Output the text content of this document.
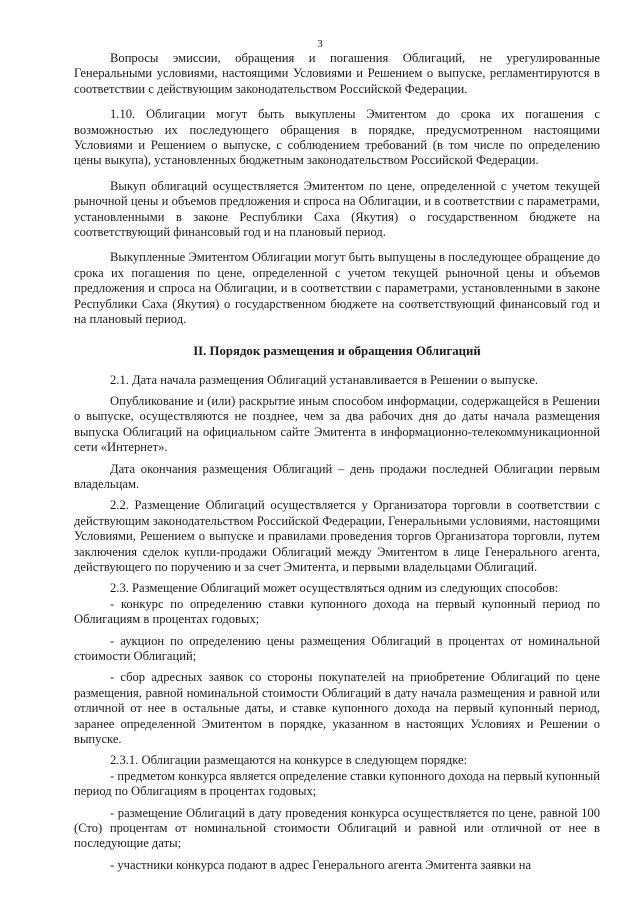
3

Вопросы эмиссии, обращения и погашения Облигаций, не урегулированные Генеральными условиями, настоящими Условиями и Решением о выпуске, регламентируются в соответствии с действующим законодательством Российской Федерации.

1.10. Облигации могут быть выкуплены Эмитентом до срока их погашения с возможностью их последующего обращения в порядке, предусмотренном настоящими Условиями и Решением о выпуске, с соблюдением требований (в том числе по определению цены выкупа), установленных бюджетным законодательством Российской Федерации.

Выкуп облигаций осуществляется Эмитентом по цене, определенной с учетом текущей рыночной цены и объемов предложения и спроса на Облигации, и в соответствии с параметрами, установленными в законе Республики Саха (Якутия) о государственном бюджете на соответствующий финансовый год и на плановый период.

Выкупленные Эмитентом Облигации могут быть выпущены в последующее обращение до срока их погашения по цене, определенной с учетом текущей рыночной цены и объемов предложения и спроса на Облигации, и в соответствии с параметрами, установленными в законе Республики Саха (Якутия) о государственном бюджете на соответствующий финансовый год и на плановый период.

II. Порядок размещения и обращения Облигаций

2.1. Дата начала размещения Облигаций устанавливается в Решении о выпуске.

Опубликование и (или) раскрытие иным способом информации, содержащейся в Решении о выпуске, осуществляются не позднее, чем за два рабочих дня до даты начала размещения выпуска Облигаций на официальном сайте Эмитента в информационно-телекоммуникационной сети «Интернет».

Дата окончания размещения Облигаций – день продажи последней Облигации первым владельцам.

2.2. Размещение Облигаций осуществляется у Организатора торговли в соответствии с действующим законодательством Российской Федерации, Генеральными условиями, настоящими Условиями, Решением о выпуске и правилами проведения торгов Организатора торговли, путем заключения сделок купли-продажи Облигаций между Эмитентом в лице Генерального агента, действующего по поручению и за счет Эмитента, и первыми владельцами Облигаций.

2.3. Размещение Облигаций может осуществляться одним из следующих способов:

- конкурс по определению ставки купонного дохода на первый купонный период по Облигациям в процентах годовых;

- аукцион по определению цены размещения Облигаций в процентах от номинальной стоимости Облигаций;

- сбор адресных заявок со стороны покупателей на приобретение Облигаций по цене размещения, равной номинальной стоимости Облигаций в дату начала размещения и равной или отличной от нее в остальные даты, и ставке купонного дохода на первый купонный период, заранее определенной Эмитентом в порядке, указанном в настоящих Условиях и Решении о выпуске.

2.3.1. Облигации размещаются на конкурсе в следующем порядке:

- предметом конкурса является определение ставки купонного дохода на первый купонный период по Облигациям в процентах годовых;

- размещение Облигаций в дату проведения конкурса осуществляется по цене, равной 100 (Сто) процентам от номинальной стоимости Облигаций и равной или отличной от нее в последующие даты;

- участники конкурса подают в адрес Генерального агента Эмитента заявки на
